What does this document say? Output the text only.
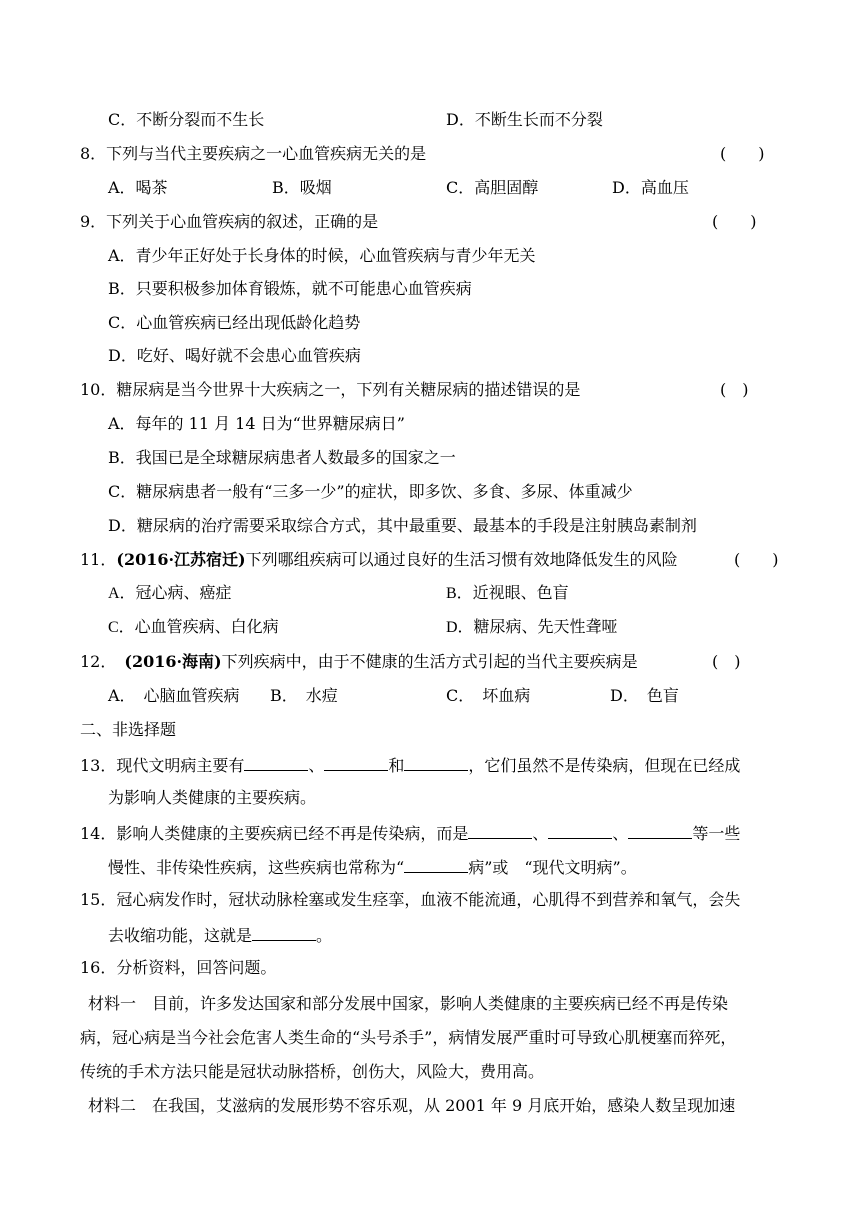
C．不断分裂而不生长	D．不断生长而不分裂
8．下列与当代主要疾病之一心血管疾病无关的是	(　　)
A．喝茶	B．吸烟	C．高胆固醇	D．高血压
9．下列关于心血管疾病的叙述，正确的是	(　　)
A．青少年正好处于长身体的时候，心血管疾病与青少年无关
B．只要积极参加体育锻炼，就不可能患心血管疾病
C．心血管疾病已经出现低龄化趋势
D．吃好、喝好就不会患心血管疾病
10．糖尿病是当今世界十大疾病之一，下列有关糖尿病的描述错误的是	(　)
A．每年的 11 月 14 日为“世界糖尿病日”
B．我国已是全球糖尿病患者人数最多的国家之一
C．糖尿病患者一般有“三多一少”的症状，即多饮、多食、多尿、体重减少
D．糖尿病的治疗需要采取综合方式，其中最重要、最基本的手段是注射胰岛素制剂
11．(2016·江苏宿迁)下列哪组疾病可以通过良好的生活习惯有效地降低发生的风险	(　　)
A．冠心病、癌症	B．近视眼、色盲
C．心血管疾病、白化病	D．糖尿病、先天性聋哑
12． (2016·海南)下列疾病中，由于不健康的生活方式引起的当代主要疾病是	(　)
A．　心脑血管疾病 B．　水痘	C．　坏血病	D．　色盲
二、非选择题
13．现代文明病主要有	、	和	，它们虽然不是传染病，但现在已经成
为影响人类健康的主要疾病。
14．影响人类健康的主要疾病已经不再是传染病，而是	、	、	等一些
慢性、非传染性疾病，这些疾病也常称为“	病”或　“现代文明病”。
15．冠心病发作时，冠状动脉栓塞或发生痉挛，血液不能流通，心肌得不到营养和氧气，会失
去收缩功能，这就是	。
16．分析资料，回答问题。
材料一 目前，许多发达国家和部分发展中国家，影响人类健康的主要疾病已经不再是传染
病，冠心病是当今社会危害人类生命的“头号杀手”，病情发展严重时可导致心肌梗塞而猝死，
传统的手术方法只能是冠状动脉搭桥，创伤大，风险大，费用高。
材料二 在我国，艾滋病的发展形势不容乐观，从 2001 年 9 月底开始，感染人数呈现加速
